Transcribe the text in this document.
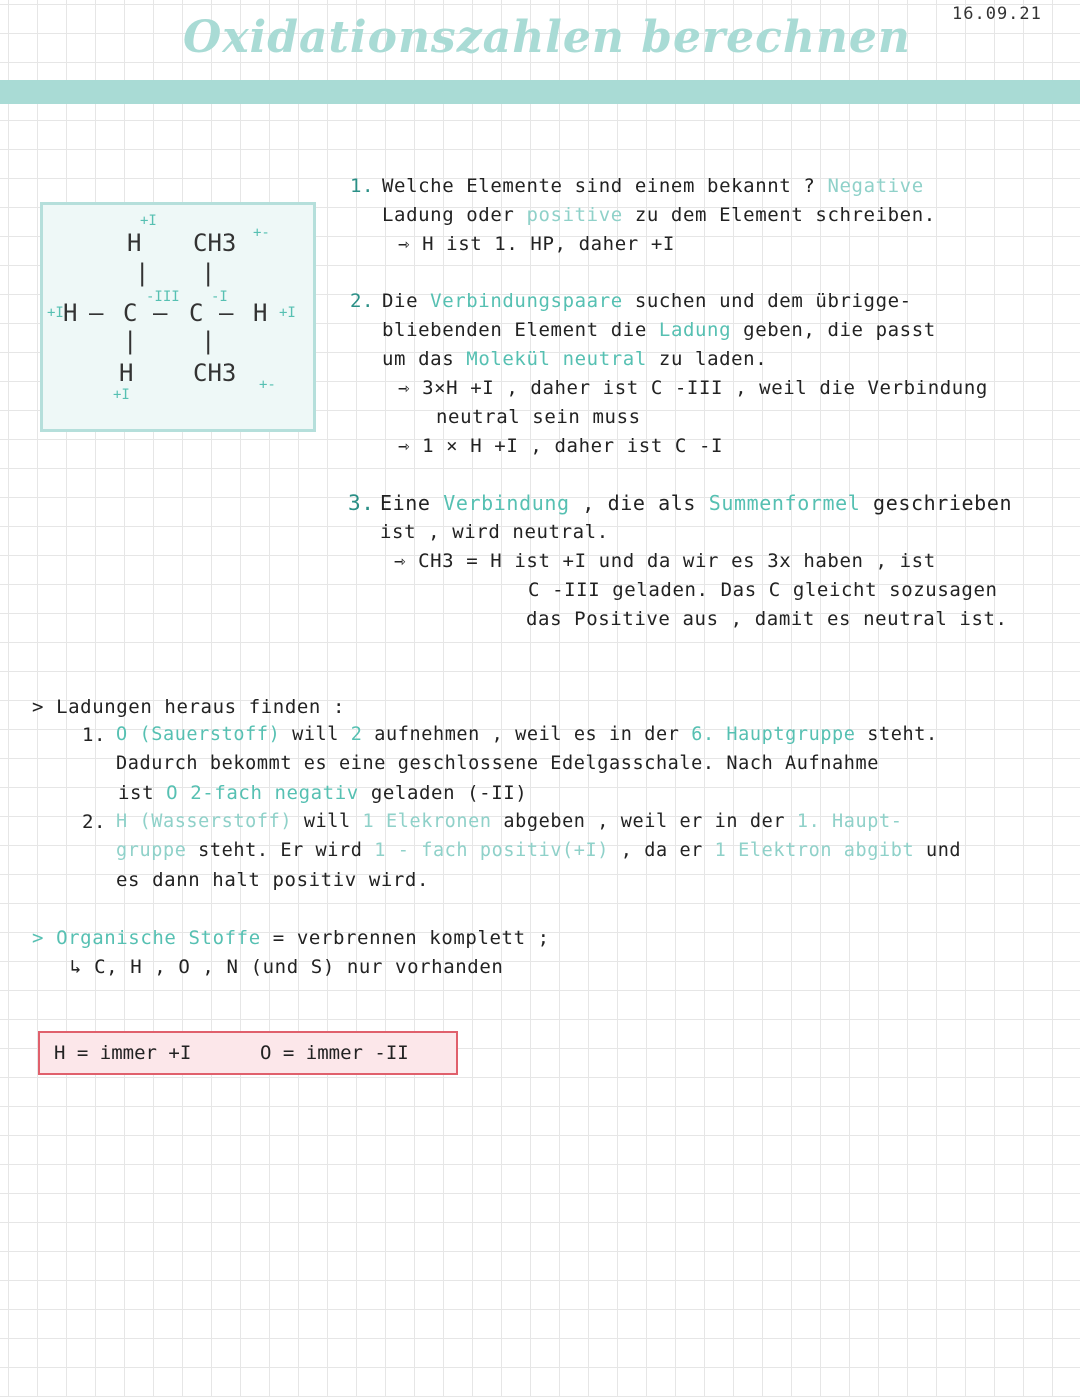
Oxidationszahlen berechnen 16.09.21
H
+I
CH3 +-
| |
+I H — C
-III
— C
-I
— H +I
|	|
H
+I
CH3 +-
1. Welche Elemente sind einem bekannt ? Negative
Ladung oder positive zu dem Element schreiben.
⇾ H ist 1. HP, daher +I
2. Die Verbindungspaare suchen und dem übrigge-
bliebenden Element die Ladung geben, die passt
um das Molekül neutral zu laden.
⇾ 3×H +I , daher ist C -III , weil die Verbindung
neutral sein muss
⇾ 1 × H +I , daher ist C -I
3. Eine Verbindung , die als Summenformel geschrieben
ist , wird neutral.
⇾ CH3 = H ist +I und da wir es 3x haben , ist
C -III geladen. Das C gleicht sozusagen
das Positive aus , damit es neutral ist.
> Ladungen heraus finden :
1. O (Sauerstoff) will 2 aufnehmen , weil es in der 6. Hauptgruppe steht.
Dadurch bekommt es eine geschlossene Edelgasschale. Nach Aufnahme
ist O 2-fach negativ geladen (-II)
2. H (Wasserstoff) will 1 Elekronen abgeben , weil er in der 1. Haupt-
gruppe steht. Er wird 1 - fach positiv(+I) , da er 1 Elektron abgibt und
es dann halt positiv wird.
> Organische Stoffe = verbrennen komplett ;
↳ C, H , O , N (und S) nur vorhanden
H = immer +I	O = immer -II
